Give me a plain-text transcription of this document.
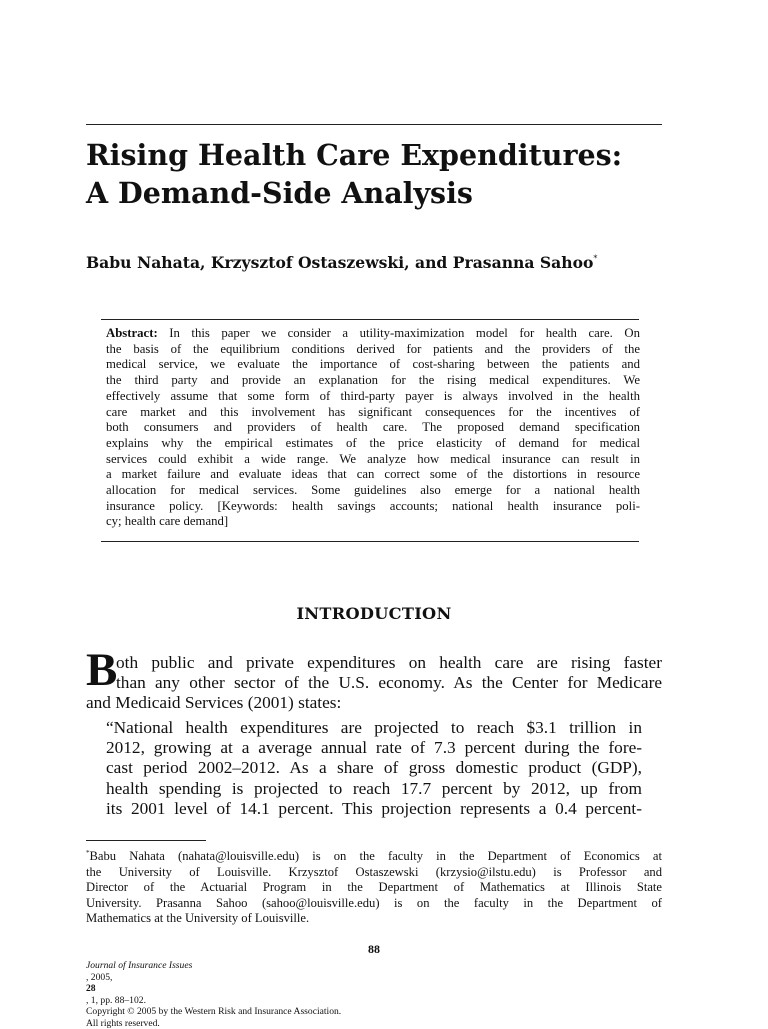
Rising Health Care Expenditures:
A Demand-Side Analysis

Babu Nahata, Krzysztof Ostaszewski, and Prasanna Sahoo*

Abstract: In this paper we consider a utility-maximization model for health care. On
the basis of the equilibrium conditions derived for patients and the providers of the
medical service, we evaluate the importance of cost-sharing between the patients and
the third party and provide an explanation for the rising medical expenditures. We
effectively assume that some form of third-party payer is always involved in the health
care market and this involvement has significant consequences for the incentives of
both consumers and providers of health care. The proposed demand specification
explains why the empirical estimates of the price elasticity of demand for medical
services could exhibit a wide range. We analyze how medical insurance can result in
a market failure and evaluate ideas that can correct some of the distortions in resource
allocation for medical services. Some guidelines also emerge for a national health
insurance policy. [Keywords: health savings accounts; national health insurance poli-
cy; health care demand]
INTRODUCTION
B
oth public and private expenditures on health care are rising faster
than any other sector of the U.S. economy. As the Center for Medicare
and Medicaid Services (2001) states:
“National health expenditures are projected to reach $3.1 trillion in
2012, growing at a average annual rate of 7.3 percent during the fore-
cast period 2002–2012. As a share of gross domestic product (GDP),
health spending is projected to reach 17.7 percent by 2012, up from
its 2001 level of 14.1 percent. This projection represents a 0.4 percent-
*Babu Nahata (nahata@louisville.edu) is on the faculty in the Department of Economics at
the University of Louisville. Krzysztof Ostaszewski (krzysio@ilstu.edu) is Professor and
Director of the Actuarial Program in the Department of Mathematics at Illinois State
University. Prasanna Sahoo (sahoo@louisville.edu) is on the faculty in the Department of
Mathematics at the University of Louisville.

88

Journal of Insurance Issues
, 2005,
28
, 1, pp. 88–102.
Copyright © 2005 by the Western Risk and Insurance Association.
All rights reserved.
